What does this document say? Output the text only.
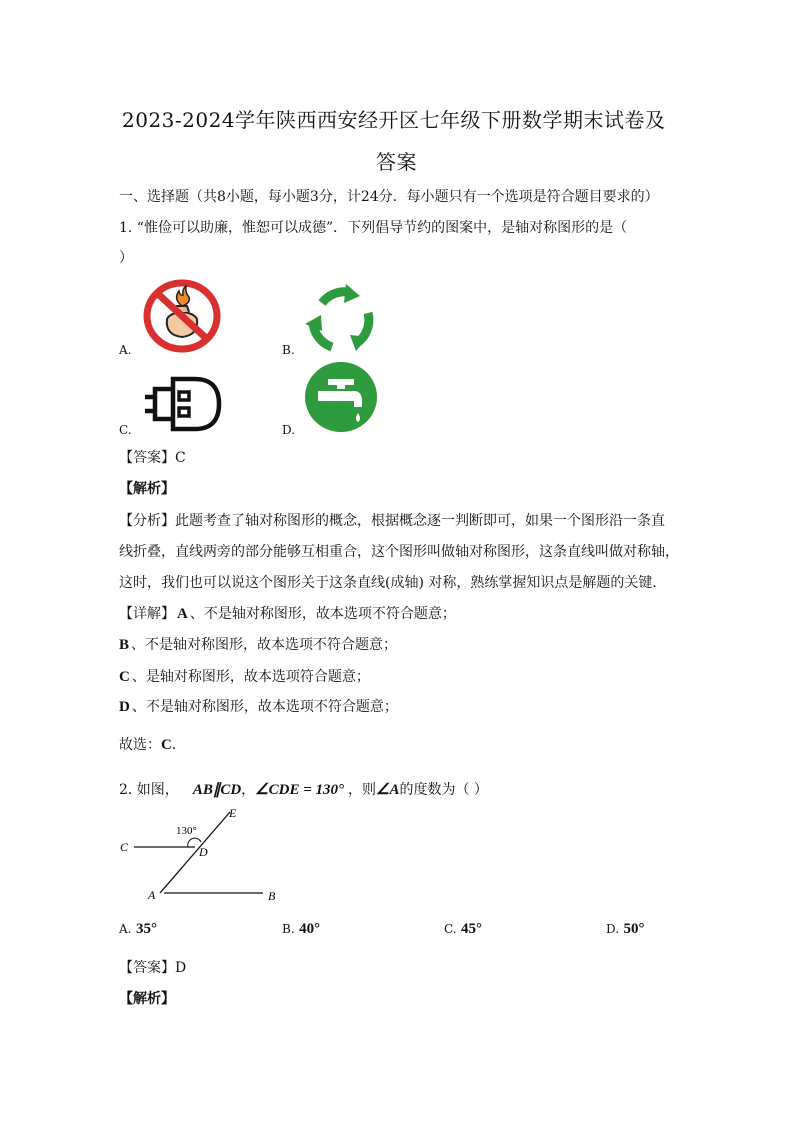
2023-2024学年陕西西安经开区七年级下册数学期末试卷及
答案
一、选择题（共8小题，每小题3分，计24分．每小题只有一个选项是符合题目要求的）
1. “惟俭可以助廉，惟恕可以成德”．下列倡导节约的图案中，是轴对称图形的是（
）
A.	B.
C.	D.
【答案】C
【解析】
【分析】此题考查了轴对称图形的概念，根据概念逐一判断即可，如果一个图形沿一条直
线折叠，直线两旁的部分能够互相重合，这个图形叫做轴对称图形，这条直线叫做对称轴，
这时，我们也可以说这个图形关于这条直线(成轴) 对称，熟练掌握知识点是解题的关键．
【详解】 A 、不是轴对称图形，故本选项不符合题意；
B 、不是轴对称图形，故本选项不符合题意；
C 、是轴对称图形，故本选项符合题意；
D 、不是轴对称图形，故本选项不符合题意；
故选：C．
2. 如图， AB∥CD，∠CDE = 130° ，则∠A的度数为（ ）
130°
E
C	D
A	B
A. 35°	B. 40°	C. 45°	D. 50°
【答案】D
【解析】
